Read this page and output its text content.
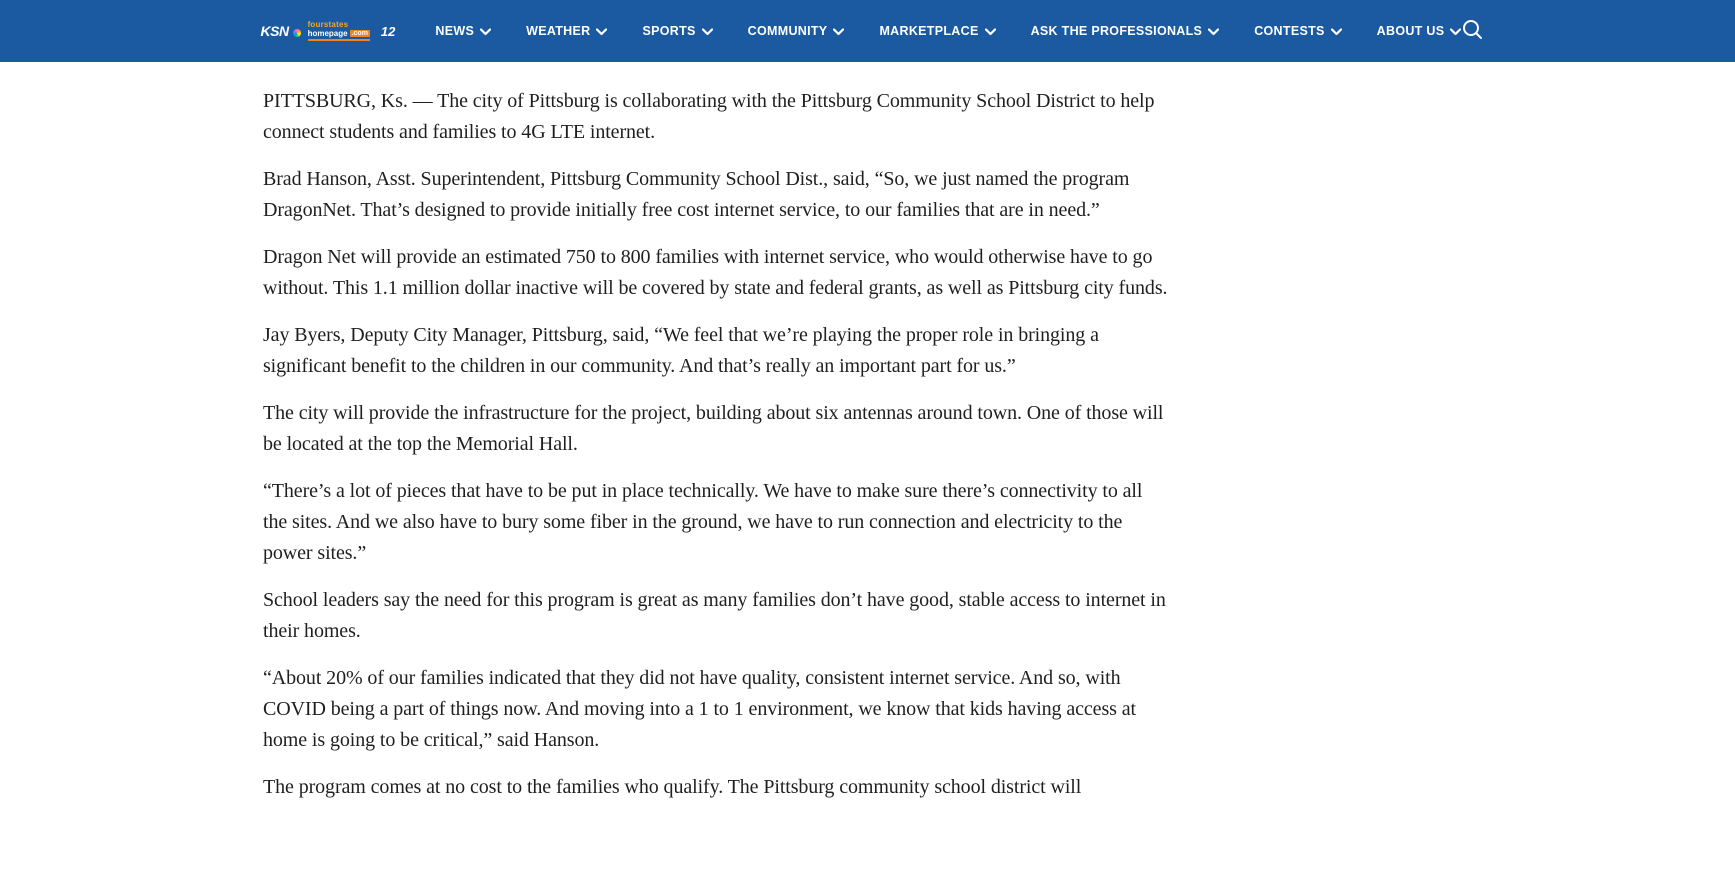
KSN fourstates
homepage .com 12	NEWS	WEATHER	SPORTS	COMMUNITY	MARKETPLACE	ASK THE PROFESSIONALS	CONTESTS	ABOUT US

PITTSBURG, Ks. — The city of Pittsburg is collaborating with the Pittsburg Community School District to help connect students and families to 4G LTE internet.

Brad Hanson, Asst. Superintendent, Pittsburg Community School Dist., said, “So, we just named the program DragonNet. That’s designed to provide initially free cost internet service, to our families that are in need.”

Dragon Net will provide an estimated 750 to 800 families with internet service, who would otherwise have to go without. This 1.1 million dollar inactive will be covered by state and federal grants, as well as Pittsburg city funds.

Jay Byers, Deputy City Manager, Pittsburg, said, “We feel that we’re playing the proper role in bringing a significant benefit to the children in our community. And that’s really an important part for us.”

The city will provide the infrastructure for the project, building about six antennas around town. One of those will be located at the top the Memorial Hall.

“There’s a lot of pieces that have to be put in place technically. We have to make sure there’s connectivity to all the sites. And we also have to bury some fiber in the ground, we have to run connection and electricity to the power sites.”

School leaders say the need for this program is great as many families don’t have good, stable access to internet in their homes.

“About 20% of our families indicated that they did not have quality, consistent internet service. And so, with COVID being a part of things now. And moving into a 1 to 1 environment, we know that kids having access at home is going to be critical,” said Hanson.

The program comes at no cost to the families who qualify. The Pittsburg community school district will
